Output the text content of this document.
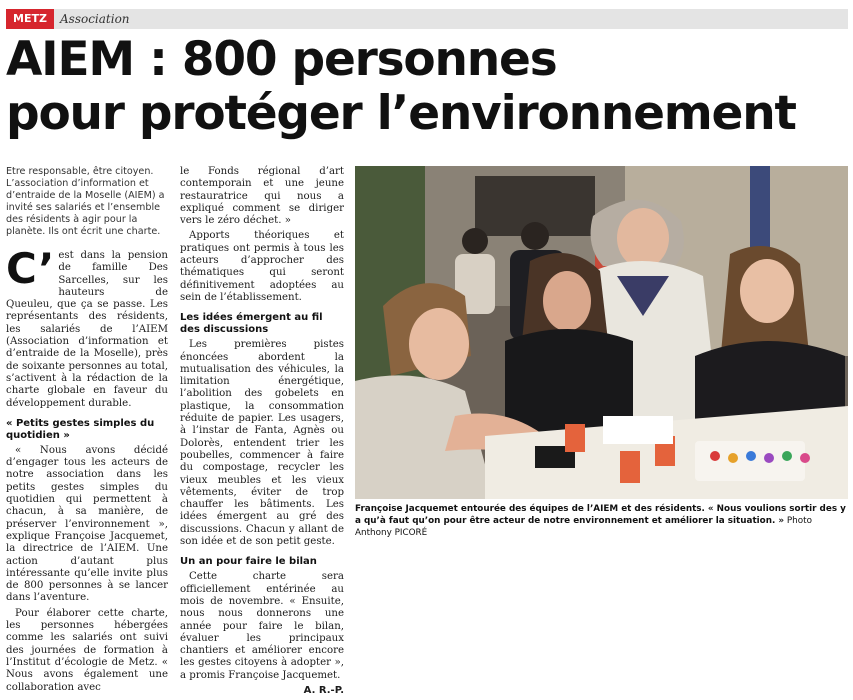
METZ	Association
AIEM : 800 personnes
pour protéger l’environnement

Etre responsable, être citoyen. L’association d’information et d’entraide de la Moselle (AIEM) a invité ses salariés et l’ensemble des résidents à agir pour la planète. Ils ont écrit une charte.

C’ est dans la pension de famille Des Sarcelles, sur les hauteurs de Queuleu, que ça se passe. Les représentants des résidents, les salariés de l’AIEM (Association d’information et d’entraide de la Moselle), près de soixante personnes au total, s’activent à la rédaction de la charte globale en faveur du développement durable.

« Petits gestes simples du quotidien »

« Nous avons décidé d’engager tous les acteurs de notre association dans les petits gestes simples du quotidien qui permettent à chacun, à sa manière, de préserver l’environnement », explique Françoise Jacquemet, la directrice de l’AIEM. Une action d’autant plus intéressante qu’elle invite plus de 800 personnes à se lancer dans l’aventure.

Pour élaborer cette charte, les personnes hébergées comme les salariés ont suivi des journées de formation à l’Institut d’écologie de Metz. « Nous avons également une collaboration avec

le Fonds régional d’art contemporain et une jeune restauratrice qui nous a expliqué comment se diriger vers le zéro déchet. »

Apports théoriques et pratiques ont permis à tous les acteurs d’approcher des thématiques qui seront définitivement adoptées au sein de l’établissement.

Les idées émergent au fil des discussions

Les premières pistes énoncées abordent la mutualisation des véhicules, la limitation énergétique, l’abolition des gobelets en plastique, la consommation réduite de papier. Les usagers, à l’instar de Fanta, Agnès ou Dolorès, entendent trier les poubelles, commencer à faire du compostage, recycler les vieux meubles et les vieux vêtements, éviter de trop chauffer les bâtiments. Les idées émergent au gré des discussions. Chacun y allant de son idée et de son petit geste.

Un an pour faire le bilan

Cette charte sera officiellement entérinée au mois de novembre. « Ensuite, nous nous donnerons une année pour faire le bilan, évaluer les principaux chantiers et améliorer encore les gestes citoyens à adopter », a promis Françoise Jacquemet.

A. R.-P.

Françoise Jacquemet entourée des équipes de l’AIEM et des résidents. « Nous voulions sortir des y a qu’à faut qu’on pour être acteur de notre environnement et améliorer la situation. » Photo Anthony PICORÉ
